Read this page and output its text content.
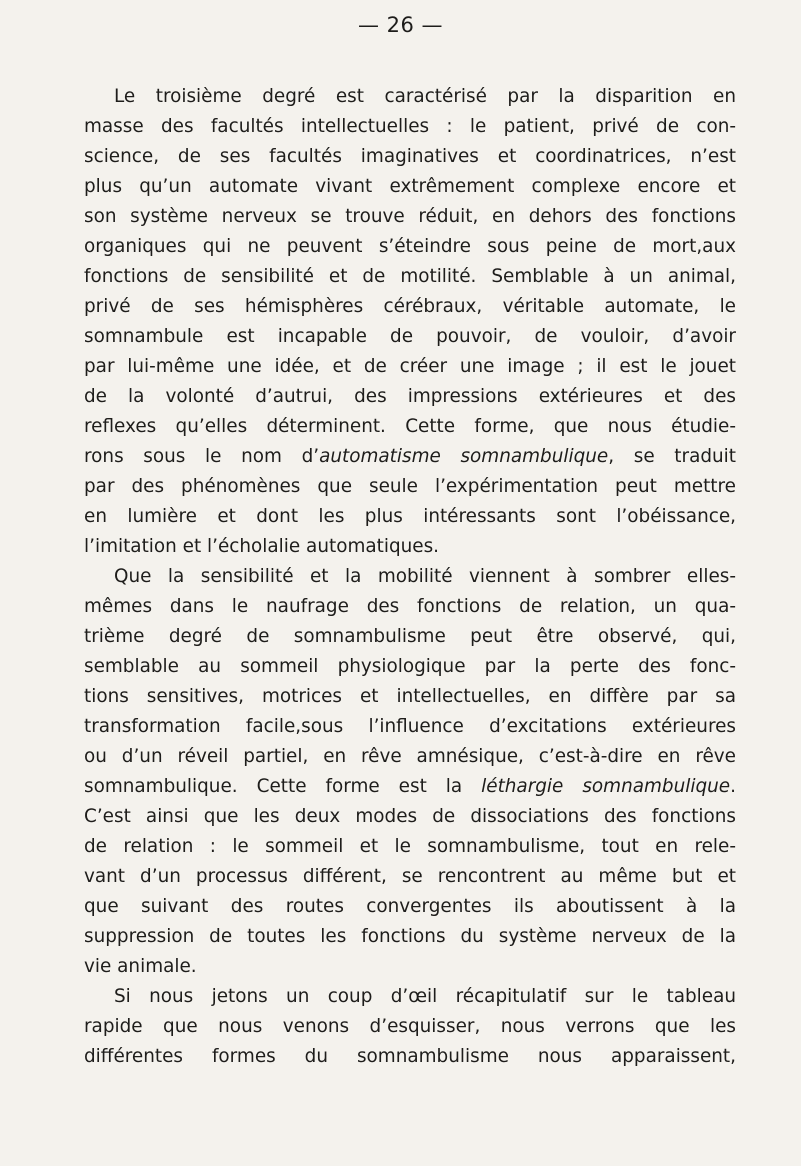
— 26 —
Le troisième degré est caractérisé par la disparition en
masse des facultés intellectuelles : le patient, privé de con-
science, de ses facultés imaginatives et coordinatrices, n’est
plus qu’un automate vivant extrêmement complexe encore et
son système nerveux se trouve réduit, en dehors des fonctions
organiques qui ne peuvent s’éteindre sous peine de mort,aux
fonctions de sensibilité et de motilité. Semblable à un animal,
privé de ses hémisphères cérébraux, véritable automate, le
somnambule est incapable de pouvoir, de vouloir, d’avoir
par lui-même une idée, et de créer une image ; il est le jouet
de la volonté d’autrui, des impressions extérieures et des
reflexes qu’elles déterminent. Cette forme, que nous étudie-
rons sous le nom d’automatisme somnambulique, se traduit
par des phénomènes que seule l’expérimentation peut mettre
en lumière et dont les plus intéressants sont l’obéissance,
l’imitation et l’écholalie automatiques.
Que la sensibilité et la mobilité viennent à sombrer elles-
mêmes dans le naufrage des fonctions de relation, un qua-
trième degré de somnambulisme peut être observé, qui,
semblable au sommeil physiologique par la perte des fonc-
tions sensitives, motrices et intellectuelles, en diffère par sa
transformation facile,sous l’influence d’excitations extérieures
ou d’un réveil partiel, en rêve amnésique, c’est-à-dire en rêve
somnambulique. Cette forme est la léthargie somnambulique.
C’est ainsi que les deux modes de dissociations des fonctions
de relation : le sommeil et le somnambulisme, tout en rele-
vant d’un processus différent, se rencontrent au même but et
que suivant des routes convergentes ils aboutissent à la
suppression de toutes les fonctions du système nerveux de la
vie animale.
Si nous jetons un coup d’œil récapitulatif sur le tableau
rapide que nous venons d’esquisser, nous verrons que les
différentes formes du somnambulisme nous apparaissent,
